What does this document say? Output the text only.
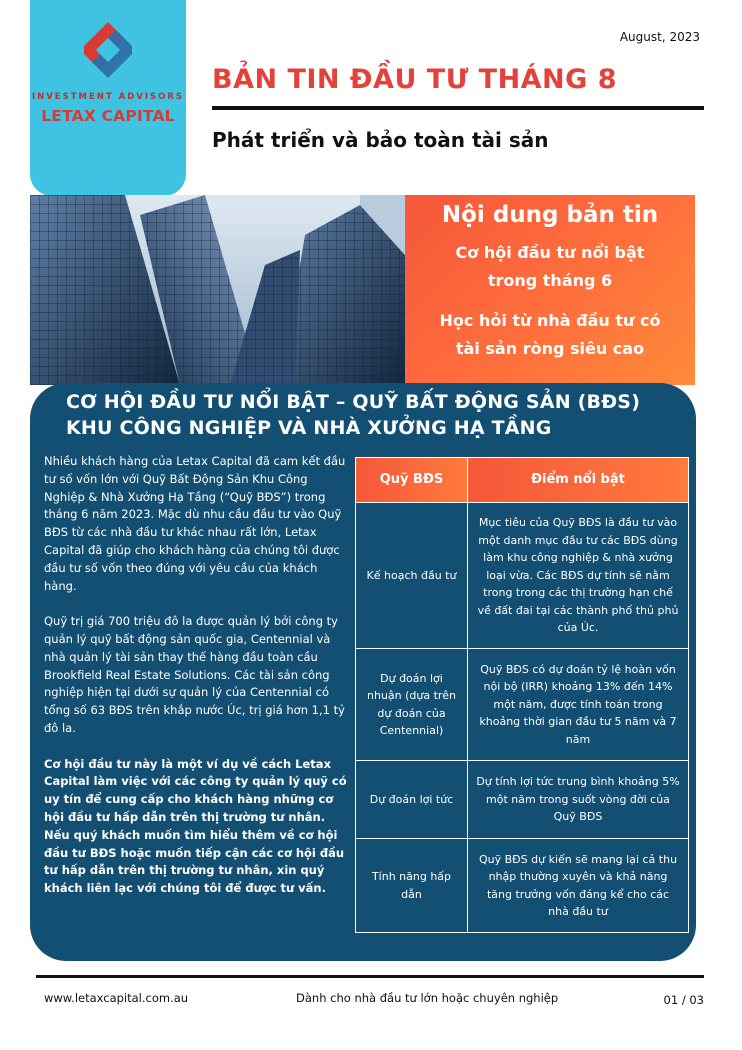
INVESTMENT ADVISORS
LETAX CAPITAL
August, 2023
BẢN TIN ĐẦU TƯ THÁNG 8
Phát triển và bảo toàn tài sản
Nội dung bản tin
Cơ hội đầu tư nổi bật
trong tháng 6
Học hỏi từ nhà đầu tư có
tài sản ròng siêu cao
CƠ HỘI ĐẦU TƯ NỔI BẬT – QUỸ BẤT ĐỘNG SẢN (BĐS)
KHU CÔNG NGHIỆP VÀ NHÀ XƯỞNG HẠ TẦNG

Nhiều khách hàng của Letax Capital đã cam kết đầu tư số vốn lớn với Quỹ Bất Động Sản Khu Công Nghiệp & Nhà Xưởng Hạ Tầng (“Quỹ BĐS”) trong tháng 6 năm 2023. Mặc dù nhu cầu đầu tư vào Quỹ BĐS từ các nhà đầu tư khác nhau rất lớn, Letax Capital đã giúp cho khách hàng của chúng tôi được đầu tư số vốn theo đúng với yêu cầu của khách hàng.

Quỹ trị giá 700 triệu đô la được quản lý bởi công ty quản lý quỹ bất động sản quốc gia, Centennial và nhà quản lý tài sản thay thế hàng đầu toàn cầu Brookfield Real Estate Solutions. Các tài sản công nghiệp hiện tại dưới sự quản lý của Centennial có tổng số 63 BĐS trên khắp nước Úc, trị giá hơn 1,1 tỷ đô la.

Cơ hội đầu tư này là một ví dụ về cách Letax Capital làm việc với các công ty quản lý quỹ có uy tín để cung cấp cho khách hàng những cơ hội đầu tư hấp dẫn trên thị trường tư nhân. Nếu quý khách muốn tìm hiểu thêm về cơ hội đầu tư BĐS hoặc muốn tiếp cận các cơ hội đầu tư hấp dẫn trên thị trường tư nhân, xin quý khách liên lạc với chúng tôi để được tư vấn.

Quỹ BĐS	Điểm nổi bật
Kế hoạch đầu tư	Mục tiêu của Quỹ BĐS là đầu tư vào một danh mục đầu tư các BĐS dùng làm khu công nghiệp & nhà xưởng loại vừa. Các BĐS dự tính sẽ nằm trong trong các thị trường hạn chế về đất đai tại các thành phố thủ phủ của Úc.
Dự đoán lợi nhuận (dựa trên dự đoán của Centennial)	Quỹ BĐS có dự đoán tỷ lệ hoàn vốn nội bộ (IRR) khoảng 13% đến 14% một năm, được tính toán trong khoảng thời gian đầu tư 5 năm và 7 năm
Dự đoán lợi tức	Dự tính lợi tức trung bình khoảng 5% một năm trong suốt vòng đời của Quỹ BĐS
Tính năng hấp dẫn	Quỹ BĐS dự kiến sẽ mang lại cả thu nhập thường xuyên và khả năng tăng trưởng vốn đáng kể cho các nhà đầu tư
www.letaxcapital.com.au	Dành cho nhà đầu tư lớn hoặc chuyên nghiệp	01 / 03
